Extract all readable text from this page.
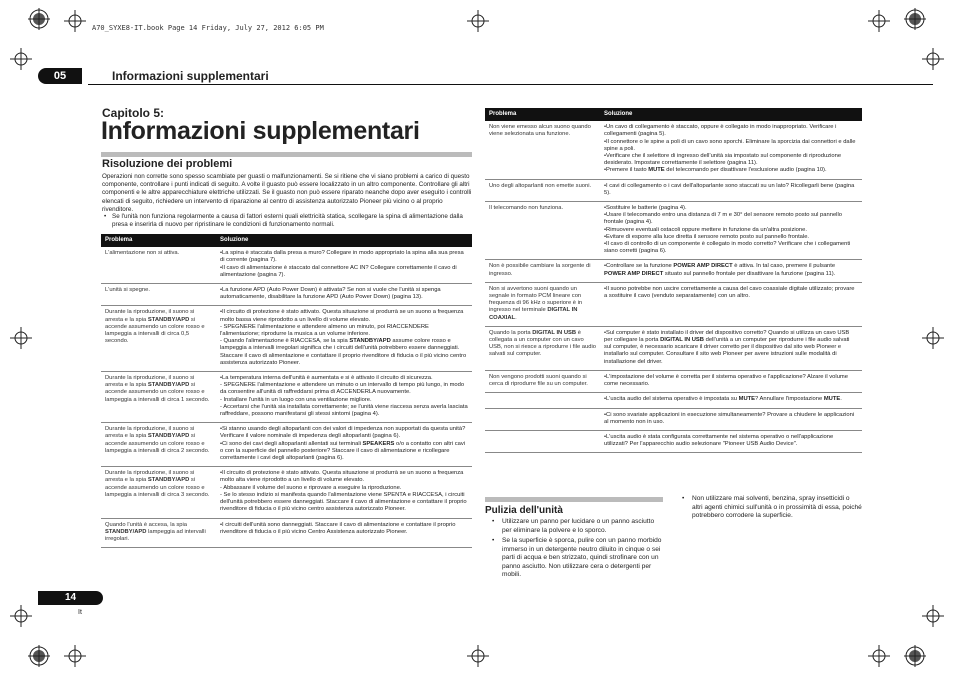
A70_SYXE8-IT.book Page 14 Friday, July 27, 2012 6:05 PM
05	Informazioni supplementari
Capitolo 5:
Informazioni supplementari
Risoluzione dei problemi
Operazioni non corrette sono spesso scambiate per guasti o malfunzionamenti. Se si ritiene che vi siano problemi a carico di questo componente, controllare i punti indicati di seguito. A volte il guasto può essere localizzato in un altro componente. Controllare gli altri componenti e le altre apparecchiature elettriche utilizzati. Se il guasto non può essere riparato neanche dopo aver eseguito i controlli elencati di seguito, richiedere un intervento di riparazione al centro di assistenza autorizzato Pioneer più vicino o al proprio rivenditore.
• Se l'unità non funziona regolarmente a causa di fattori esterni quali elettricità statica, scollegare la spina di alimentazione dalla presa e inserirla di nuovo per ripristinare le condizioni di funzionamento normali.
Problema	Soluzione
L'alimentazione non si attiva.	•La spina è staccata dalla presa a muro? Collegare in modo appropriato la spina alla sua presa di corrente (pagina 7).
•Il cavo di alimentazione è staccato dal connettore AC IN? Collegare correttamente il cavo di alimentazione (pagina 7).
L'unità si spegne.	•La funzione APD (Auto Power Down) è attivata? Se non si vuole che l'unità si spenga automaticamente, disabilitare la funzione APD (Auto Power Down) (pagina 13).
Durante la riproduzione, il suono si arresta e la spia STANDBY/APD si accende assumendo un colore rosso e lampeggia a intervalli di circa 0,5 secondo.	•Il circuito di protezione è stato attivato. Questa situazione si produrrà se un suono a frequenza molto bassa viene riprodotto a un livello di volume elevato.
- SPEGNERE l'alimentazione e attendere almeno un minuto, poi RIACCENDERE l'alimentazione; riprodurre la musica a un volume inferiore.
- Quando l'alimentazione è RIACCESA, se la spia STANDBY/APD assume colore rosso e lampeggia a intervalli irregolari significa che i circuiti dell'unità potrebbero essere danneggiati. Staccare il cavo di alimentazione e contattare il proprio rivenditore di fiducia o il più vicino centro assistenza autorizzato Pioneer.
Durante la riproduzione, il suono si arresta e la spia STANDBY/APD si accende assumendo un colore rosso e lampeggia a intervalli di circa 1 secondo.	•La temperatura interna dell'unità è aumentata e si è attivato il circuito di sicurezza.
- SPEGNERE l'alimentazione e attendere un minuto o un intervallo di tempo più lungo, in modo da consentire all'unità di raffreddarsi prima di ACCENDERLA nuovamente.
- Installare l'unità in un luogo con una ventilazione migliore.
- Accertarsi che l'unità sia installata correttamente; se l'unità viene riaccesa senza averla lasciata raffreddare, possono manifestarsi gli stessi sintomi (pagina 4).
Durante la riproduzione, il suono si arresta e la spia STANDBY/APD si accende assumendo un colore rosso e lampeggia a intervalli di circa 2 secondo.	•Si stanno usando degli altoparlanti con dei valori di impedenza non supportati da questa unità? Verificare il valore nominale di impedenza degli altoparlanti (pagina 6).
•Ci sono dei cavi degli altoparlanti allentati sui terminali SPEAKERS o/o a contatto con altri cavi o con la superficie del pannello posteriore? Staccare il cavo di alimentazione e ricollegare correttamente i cavi degli altoparlanti (pagina 6).
Durante la riproduzione, il suono si arresta e la spia STANDBY/APD si accende assumendo un colore rosso e lampeggia a intervalli di circa 3 secondo.	•Il circuito di protezione è stato attivato. Questa situazione si produrrà se un suono a frequenza molto alta viene riprodotto a un livello di volume elevato.
- Abbassare il volume del suono e riprovare a eseguire la riproduzione.
- Se lo stesso indizio si manifesta quando l'alimentazione viene SPENTA e RIACCESA, i circuiti dell'unità potrebbero essere danneggiati. Staccare il cavo di alimentazione e contattare il proprio rivenditore di fiducia o il più vicino centro assistenza autorizzato Pioneer.
Quando l'unità è accesa, la spia STANDBY/APD lampeggia ad intervalli irregolari.	•I circuiti dell'unità sono danneggiati. Staccare il cavo di alimentazione e contattare il proprio rivenditore di fiducia o il più vicino Centro Assistenza autorizzato Pioneer.
Problema	Soluzione
Non viene emesso alcun suono quando viene selezionata una funzione.	•Un cavo di collegamento è staccato, oppure è collegato in modo inappropriato. Verificare i collegamenti (pagina 5).
•Il connettore o le spine a poli di un cavo sono sporchi. Eliminare la sporcizia dai connettori e dalle spine a poli.
•Verificare che il selettore di ingresso dell'unità sia impostato sul componente di riproduzione desiderato. Impostare correttamente il selettore (pagina 11).
•Premere il tasto MUTE del telecomando per disattivare l'esclusione audio (pagina 10).
Uno degli altoparlanti non emette suoni.	•I cavi di collegamento o i cavi dell'altoparlante sono staccati su un lato? Ricollegarli bene (pagina 5).
Il telecomando non funziona.	•Sostituire le batterie (pagina 4).
•Usare il telecomando entro una distanza di 7 m e 30° del sensore remoto posto sul pannello frontale (pagina 4).
•Rimuovere eventuali ostacoli oppure mettere in funzione da un'altra posizione.
•Evitare di esporre alla luce diretta il sensore remoto posto sul pannello frontale.
•Il cavo di controllo di un componente è collegato in modo corretto? Verificare che i collegamenti siano corretti (pagina 6).
Non è possibile cambiare la sorgente di ingresso.	•Controllare se la funzione POWER AMP DIRECT è attiva. In tal caso, premere il pulsante POWER AMP DIRECT situato sul pannello frontale per disattivare la funzione (pagina 11).
Non si avvertono suoni quando un segnale in formato PCM lineare con frequenza di 96 kHz o superiore è in ingresso nel terminale DIGITAL IN COAXIAL.	•Il suono potrebbe non uscire correttamente a causa del cavo coassiale digitale utilizzato; provare a sostituire il cavo (venduto separatamente) con un altro.
Quando la porta DIGITAL IN USB è collegata a un computer con un cavo USB, non si riesce a riprodurre i file audio salvati sul computer.	•Sul computer è stato installato il driver del dispositivo corretto? Quando si utilizza un cavo USB per collegare la porta DIGITAL IN USB dell'unità a un computer per riprodurre i file audio salvati sul computer, è necessario scaricare il driver corretto per il dispositivo dal sito web Pioneer e installarlo sul computer. Consultare il sito web Pioneer per avere istruzioni sulle modalità di installazione del driver.
Non vengono prodotti suoni quando si cerca di riprodurre file su un computer.	•L'impostazione del volume è corretta per il sistema operativo e l'applicazione? Alzare il volume come necessario.
	•L'uscita audio del sistema operativo è impostata su MUTE? Annullare l'impostazione MUTE.
	•Ci sono svariate applicazioni in esecuzione simultaneamente? Provare a chiudere le applicazioni al momento non in uso.
	•L'uscita audio è stata configurata correttamente nel sistema operativo o nell'applicazione utilizzati? Per l'apparecchio audio selezionare "Pioneer USB Audio Device".
Pulizia dell'unità
• Utilizzare un panno per lucidare o un panno asciutto per eliminare la polvere e lo sporco.
• Se la superficie è sporca, pulire con un panno morbido immerso in un detergente neutro diluito in cinque o sei parti di acqua e ben strizzato, quindi strofinare con un panno asciutto. Non utilizzare cera o detergenti per mobili.
• Non utilizzare mai solventi, benzina, spray insetticidi o altri agenti chimici sull'unità o in prossimità di essa, poiché potrebbero corrodere la superficie.
14
It
